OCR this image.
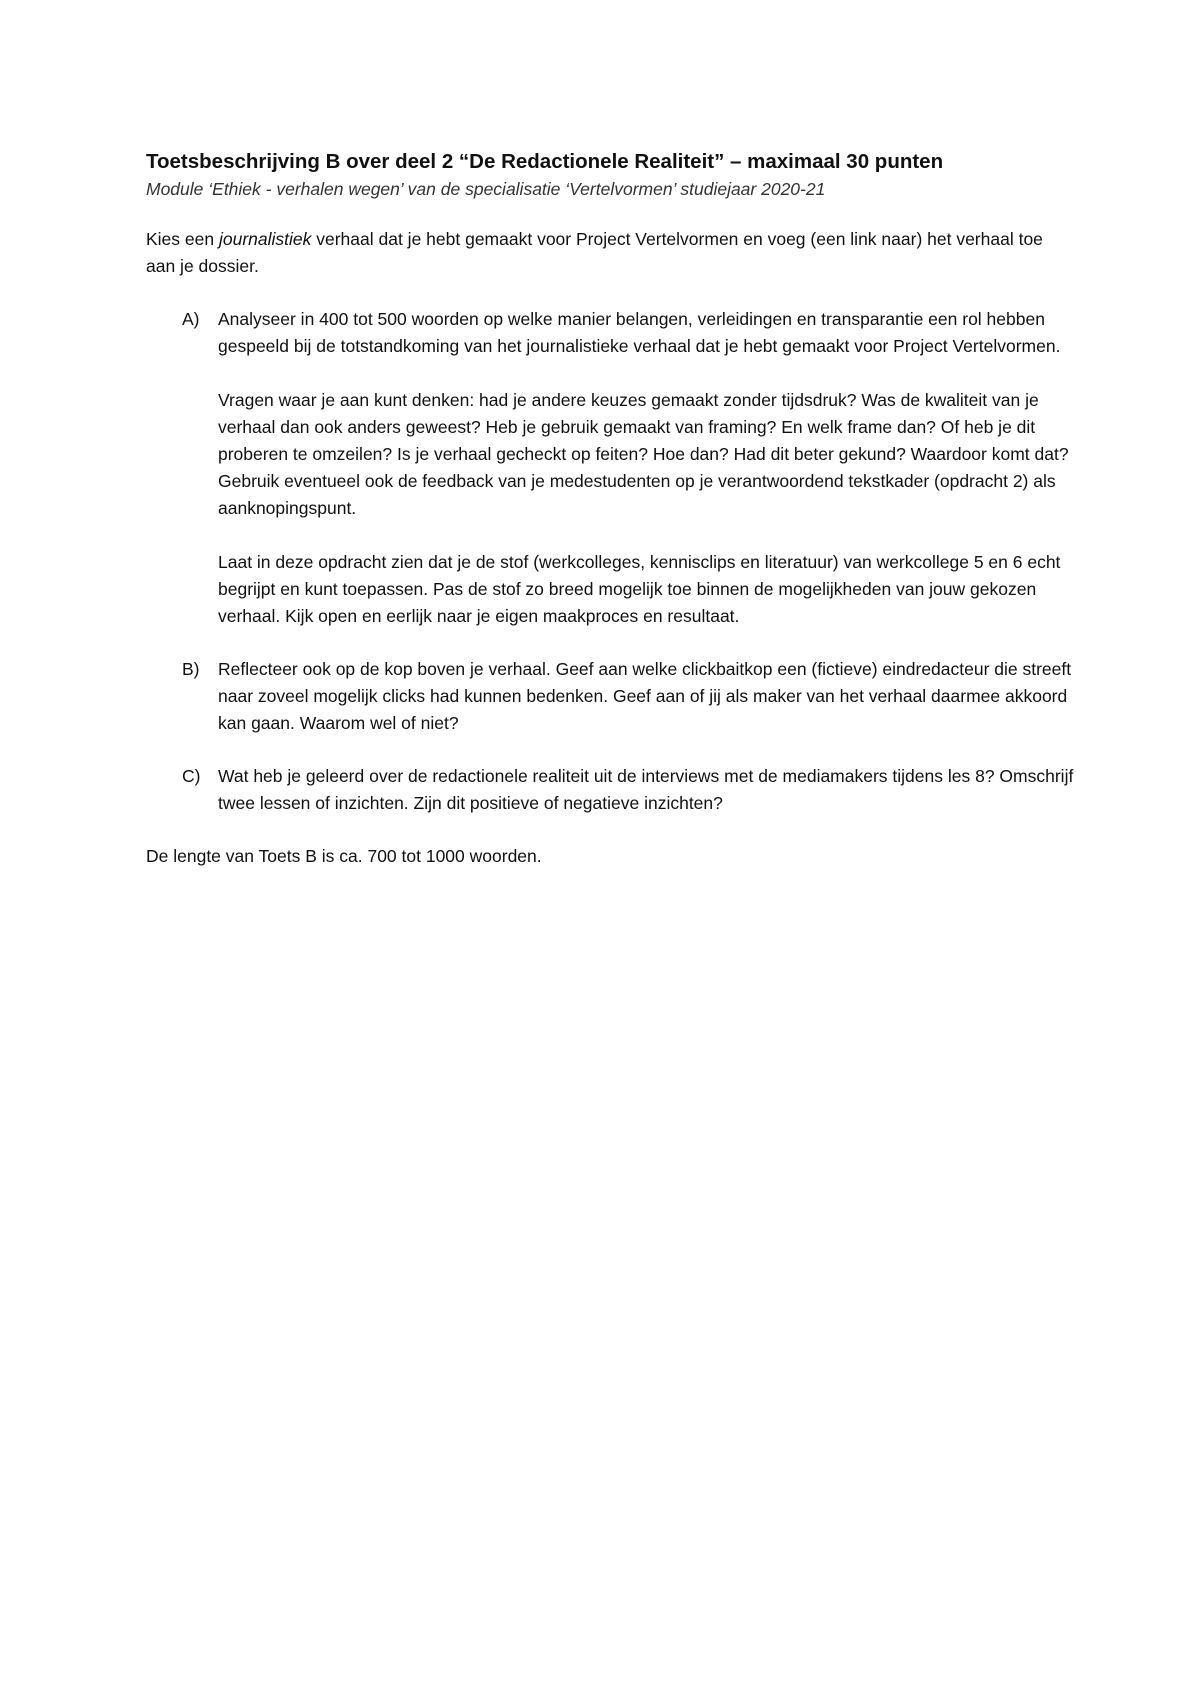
Toetsbeschrijving B over deel 2 “De Redactionele Realiteit” – maximaal 30 punten

Module ‘Ethiek - verhalen wegen’ van de specialisatie ‘Vertelvormen’ studiejaar 2020-21

Kies een journalistiek verhaal dat je hebt gemaakt voor Project Vertelvormen en voeg (een link naar) het verhaal toe aan je dossier.

A) Analyseer in 400 tot 500 woorden op welke manier belangen, verleidingen en transparantie een rol hebben gespeeld bij de totstandkoming van het journalistieke verhaal dat je hebt gemaakt voor Project Vertelvormen.

Vragen waar je aan kunt denken: had je andere keuzes gemaakt zonder tijdsdruk? Was de kwaliteit van je verhaal dan ook anders geweest? Heb je gebruik gemaakt van framing? En welk frame dan? Of heb je dit proberen te omzeilen? Is je verhaal gecheckt op feiten? Hoe dan? Had dit beter gekund? Waardoor komt dat? Gebruik eventueel ook de feedback van je medestudenten op je verantwoordend tekstkader (opdracht 2) als aanknopingspunt.

Laat in deze opdracht zien dat je de stof (werkcolleges, kennisclips en literatuur) van werkcollege 5 en 6 echt begrijpt en kunt toepassen. Pas de stof zo breed mogelijk toe binnen de mogelijkheden van jouw gekozen verhaal. Kijk open en eerlijk naar je eigen maakproces en resultaat.

B) Reflecteer ook op de kop boven je verhaal. Geef aan welke clickbaitkop een (fictieve) eindredacteur die streeft naar zoveel mogelijk clicks had kunnen bedenken. Geef aan of jij als maker van het verhaal daarmee akkoord kan gaan. Waarom wel of niet?

C) Wat heb je geleerd over de redactionele realiteit uit de interviews met de mediamakers tijdens les 8? Omschrijf twee lessen of inzichten. Zijn dit positieve of negatieve inzichten?

De lengte van Toets B is ca. 700 tot 1000 woorden.
